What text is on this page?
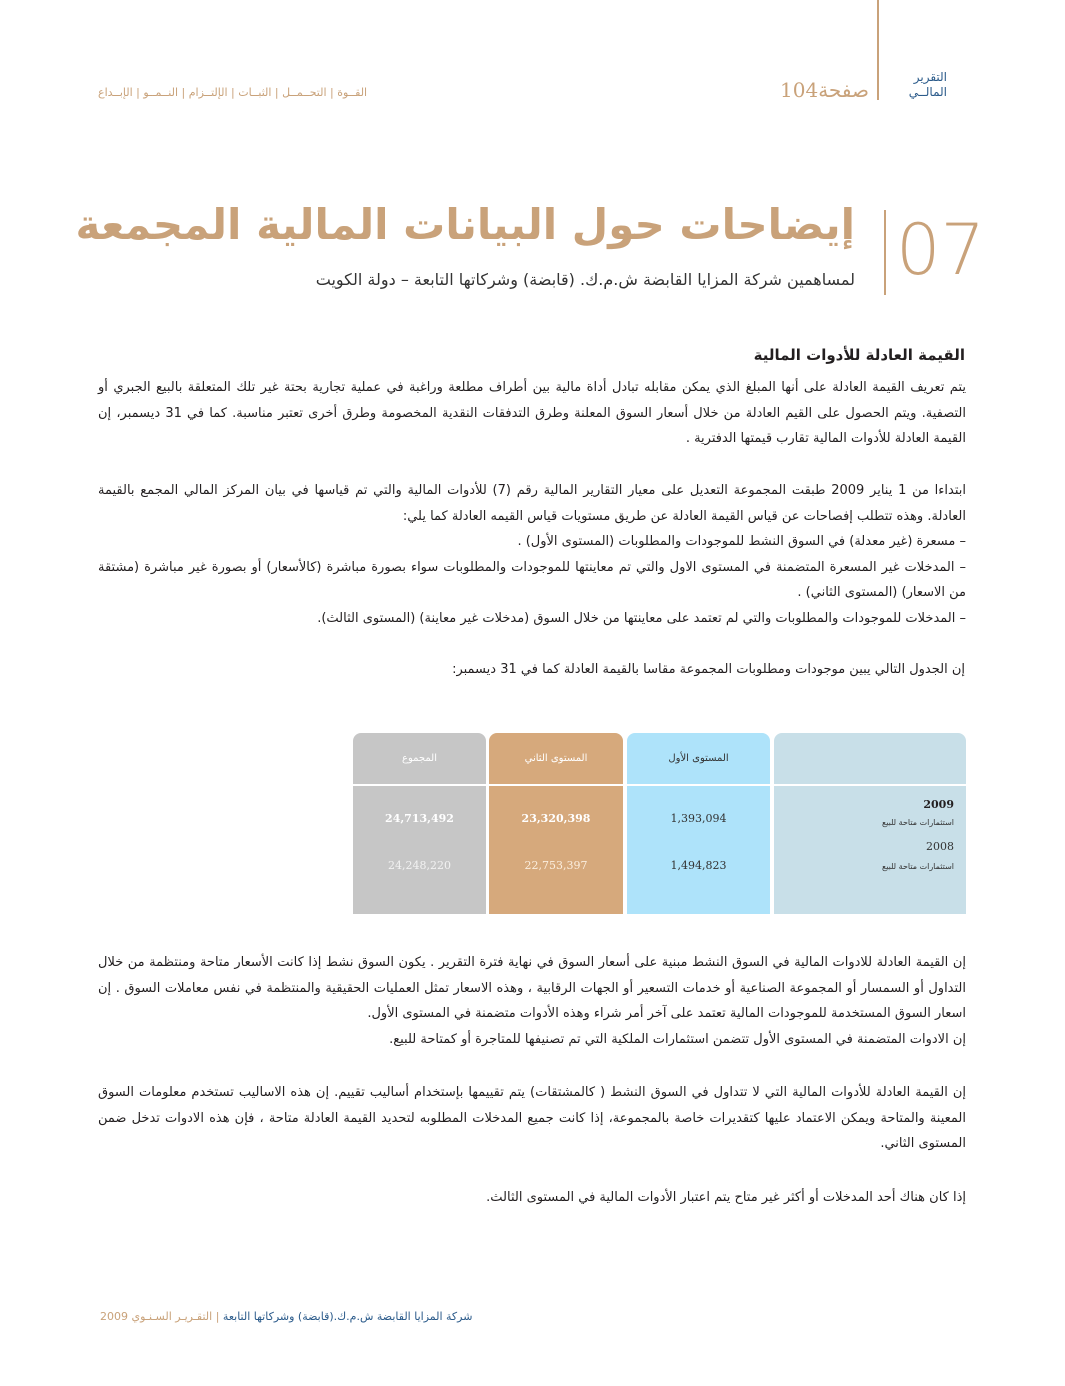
التقرير
المالــي
صفحة104
القــوة | التحــمــل | الثبــات | الإلتــزام | النــمــو | الإبــداع
07
إيضاحات حول البيانات المالية المجمعة
لمساهمين شركة المزايا القابضة ش.م.ك. (قابضة) وشركاتها التابعة – دولة الكويت
القيمة العادلة للأدوات المالية

يتم تعريف القيمة العادلة على أنها المبلغ الذي يمكن مقابله تبادل أداة مالية بين أطراف مطلعة وراغبة في عملية تجارية بحتة غير تلك المتعلقة بالبيع الجبري أو التصفية. ويتم الحصول على القيم العادلة من خلال أسعار السوق المعلنة وطرق التدفقات النقدية المخصومة وطرق أخرى تعتبر مناسبة. كما في 31 ديسمبر، إن القيمة العادلة للأدوات المالية تقارب قيمتها الدفترية .

ابتداءا من 1 يناير 2009 طبقت المجموعة التعديل على معيار التقارير المالية رقم (7) للأدوات المالية والتي تم قياسها في بيان المركز المالي المجمع بالقيمة العادلة. وهذه تتطلب إفصاحات عن قياس القيمة العادلة عن طريق مستويات قياس القيمه العادلة كما يلي:

– مسعرة (غير معدلة) في السوق النشط للموجودات والمطلوبات (المستوى الأول) .

– المدخلات غير المسعرة المتضمنة في المستوى الاول والتي تم معاينتها للموجودات والمطلوبات سواء بصورة مباشرة (كالأسعار) أو بصورة غير مباشرة (مشتقة من الاسعار) (المستوى الثاني) .

– المدخلات للموجودات والمطلوبات والتي لم تعتمد على معاينتها من خلال السوق (مدخلات غير معاينة) (المستوى الثالث).

إن الجدول التالي يبين موجودات ومطلوبات المجموعة مقاسا بالقيمة العادلة كما في 31 ديسمبر:
2009
استثمارات متاحة للبيع
2008
استثمارات متاحة للبيع
المستوى الأول
1,393,094
1,494,823
المستوى الثاني
23,320,398
22,753,397
المجموع
24,713,492
24,248,220

إن القيمة العادلة للادوات المالية في السوق النشط مبنية على أسعار السوق في نهاية فترة التقرير . يكون السوق نشط إذا كانت الأسعار متاحة ومنتظمة من خلال التداول أو السمسار أو المجموعة الصناعية أو خدمات التسعير أو الجهات الرقابية ، وهذه الاسعار تمثل العمليات الحقيقية والمنتظمة في نفس معاملات السوق . إن اسعار السوق المستخدمة للموجودات المالية تعتمد على آخر أمر شراء وهذه الأدوات متضمنة في المستوى الأول.

إن الادوات المتضمنة في المستوى الأول تتضمن استثمارات الملكية التي تم تصنيفها للمتاجرة أو كمتاحة للبيع.

إن القيمة العادلة للأدوات المالية التي لا تتداول في السوق النشط ( كالمشتقات) يتم تقييمها بإستخدام أساليب تقييم. إن هذه الاساليب تستخدم معلومات السوق المعينة والمتاحة ويمكن الاعتماد عليها كتقديرات خاصة بالمجموعة، إذا كانت جميع المدخلات المطلوبه لتحديد القيمة العادلة متاحة ، فإن هذه الادوات تدخل ضمن المستوى الثاني.

إذا كان هناك أحد المدخلات أو أكثر غير متاح يتم اعتبار الأدوات المالية في المستوى الثالث.

شركة المزايا القابضة ش.م.ك.(قابضة) وشركاتها التابعة | التقـريـر السـنـوي 2009
